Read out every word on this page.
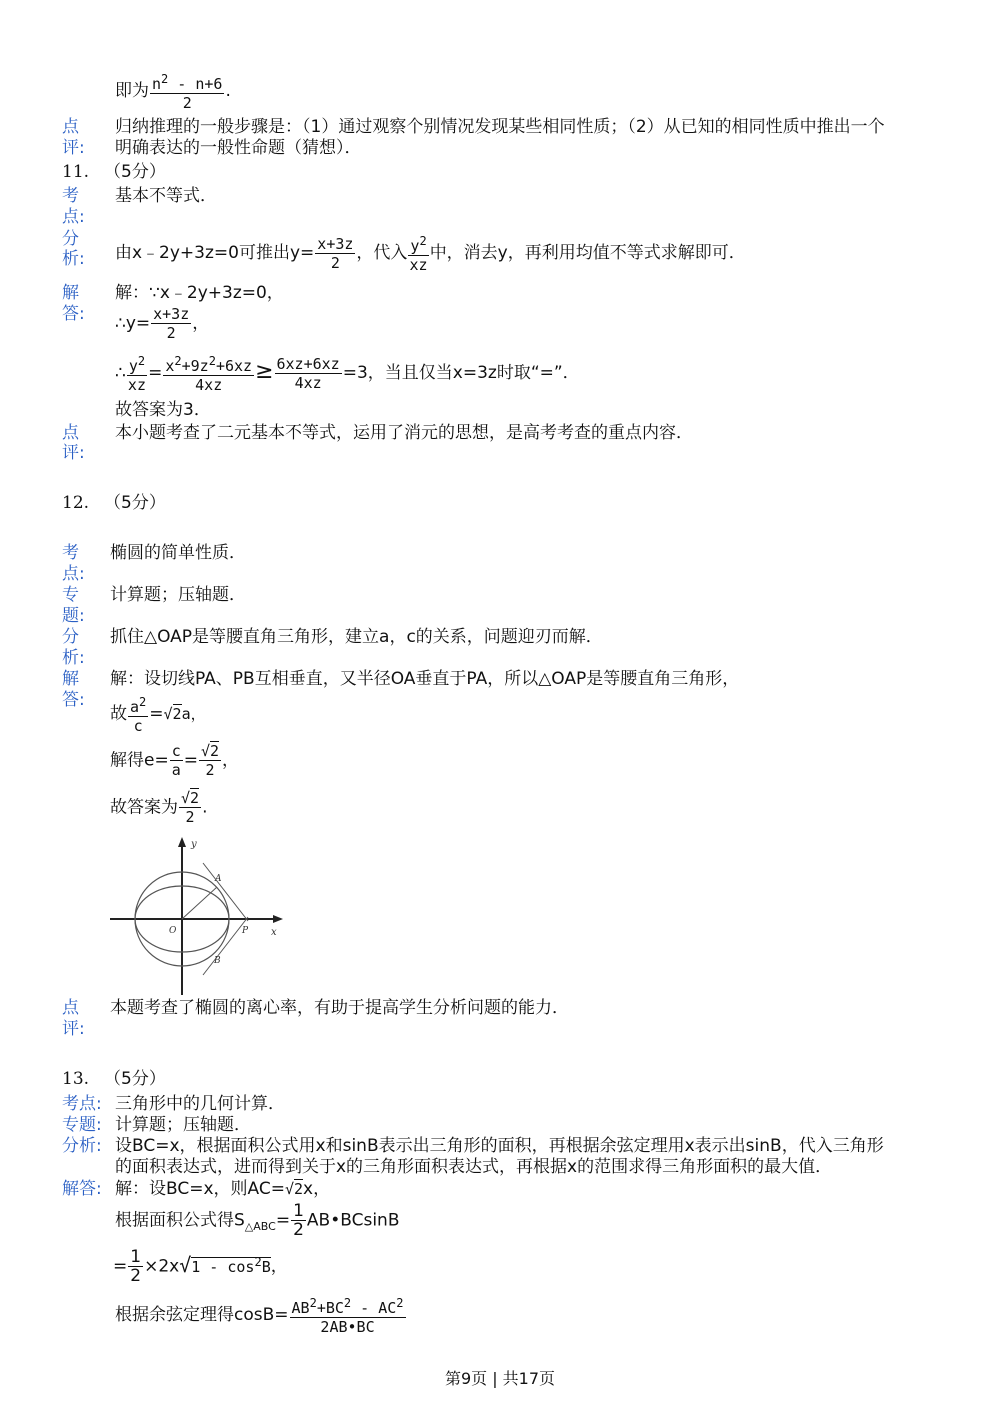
即为 $\frac{n^2 - n+6}{2}$ .
点
评:
归纳推理的一般步骤是：（1）通过观察个别情况发现某些相同性质；（2）从已知的相同性质中推出一个
明确表达的一般性命题（猜想）．
11. （5分）
考
点:
基本不等式．
分
析: 由x﹣2y+3z=0可推出$y= \frac{x+3z}{2}$ ，代入 $\frac{y^2}{xz}$ 中，消去y，再利用均值不等式求解即可．
解
答:
解：∵x﹣2y+3z=0，
∴y= $\frac{x+3z}{2}$ ，
∴ $\frac{y^2}{xz} = \frac{x^2+9z^2+6xz}{4xz} \ge \frac{6xz+6xz}{4xz} =3$，当且仅当x=3z时取“=”．
故答案为3．
点
评:
本小题考查了二元基本不等式，运用了消元的思想，是高考考查的重点内容．
12. （5分）
考
点:
椭圆的简单性质．
专
题:
计算题；压轴题．
分
析:
抓住△OAP是等腰直角三角形，建立a，c的关系，问题迎刃而解．
解
答:
解：设切线PA、PB互相垂直，又半径OA垂直于PA，所以△OAP是等腰直角三角形，
故 $\frac{a^2}{c} =√2a$，
解得$e= \frac{c}{a} = \frac{√2}{2}$ ，
故答案为 $\frac{√2}{2}$ .
y
x
O
A
B
P
点
评:
本题考查了椭圆的离心率，有助于提高学生分析问题的能力．
13. （5分）
考点: 三角形中的几何计算．
专题: 计算题；压轴题．
分析: 设BC=x，根据面积公式用x和sinB表示出三角形的面积，再根据余弦定理用x表示出sinB，代入三角形
的面积表达式，进而得到关于x的三角形面积表达式，再根据x的范围求得三角形面积的最大值．
解答: 解：设BC=x，则AC=√2x，
根据面积公式得$S_{\triangle ABC}= \frac{1}{2}$ AB•BCsinB
= $\frac{1}{2} \times 2x√1 - \cos^2B$，
根据余弦定理得$\cos B= \frac{AB^2+BC^2 - AC^2}{2AB•BC}$
第9页 | 共17页
